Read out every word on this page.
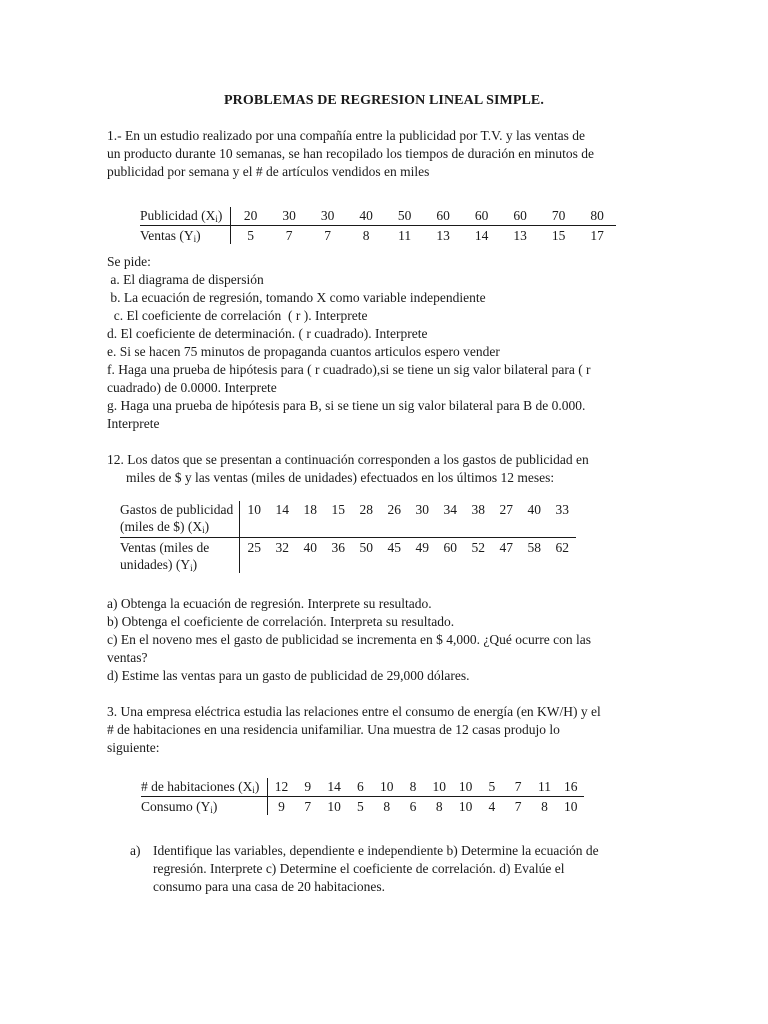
PROBLEMAS DE REGRESION LINEAL SIMPLE.
1.- En un estudio realizado por una compañía entre la publicidad por T.V. y las ventas de
un producto durante 10 semanas, se han recopilado los tiempos de duración en minutos de
publicidad por semana y el # de artículos vendidos en miles
Publicidad $(X_i)$	20	30	30	40	50	60	60	60	70	80
Ventas $(Y_i)$	5	7	7	8	11	13	14	13	15	17
Se pide:
a. El diagrama de dispersión
b. La ecuación de regresión, tomando X como variable independiente
c. El coeficiente de correlación  ( r ). Interprete
d. El coeficiente de determinación. ( r cuadrado). Interprete
e. Si se hacen 75 minutos de propaganda cuantos articulos espero vender
f. Haga una prueba de hipótesis para ( r cuadrado),si se tiene un sig valor bilateral para ( r
cuadrado) de 0.0000. Interprete
g. Haga una prueba de hipótesis para B, si se tiene un sig valor bilateral para B de 0.000.
Interprete
12. Los datos que se presentan a continuación corresponden a los gastos de publicidad en
miles de $ y las ventas (miles de unidades) efectuados en los últimos 12 meses:
Gastos de publicidad
(miles de $) $(X_i)$	10	14	18	15	28	26	30	34	38	27	40	33
Ventas (miles de
unidades) $(Y_i)$	25	32	40	36	50	45	49	60	52	47	58	62
a) Obtenga la ecuación de regresión. Interprete su resultado.
b) Obtenga el coeficiente de correlación. Interpreta su resultado.
c) En el noveno mes el gasto de publicidad se incrementa en $ 4,000. ¿Qué ocurre con las
ventas?
d) Estime las ventas para un gasto de publicidad de 29,000 dólares.
3. Una empresa eléctrica estudia las relaciones entre el consumo de energía (en KW/H) y el
# de habitaciones en una residencia unifamiliar. Una muestra de 12 casas produjo lo
siguiente:
# de habitaciones $(X_i)$	12	9	14	6	10	8	10	10	5	7	11	16
Consumo $(Y_i)$	9	7	10	5	8	6	8	10	4	7	8	10
a) Identifique las variables, dependiente e independiente b) Determine la ecuación de
regresión. Interprete c) Determine el coeficiente de correlación. d) Evalúe el
consumo para una casa de 20 habitaciones.
